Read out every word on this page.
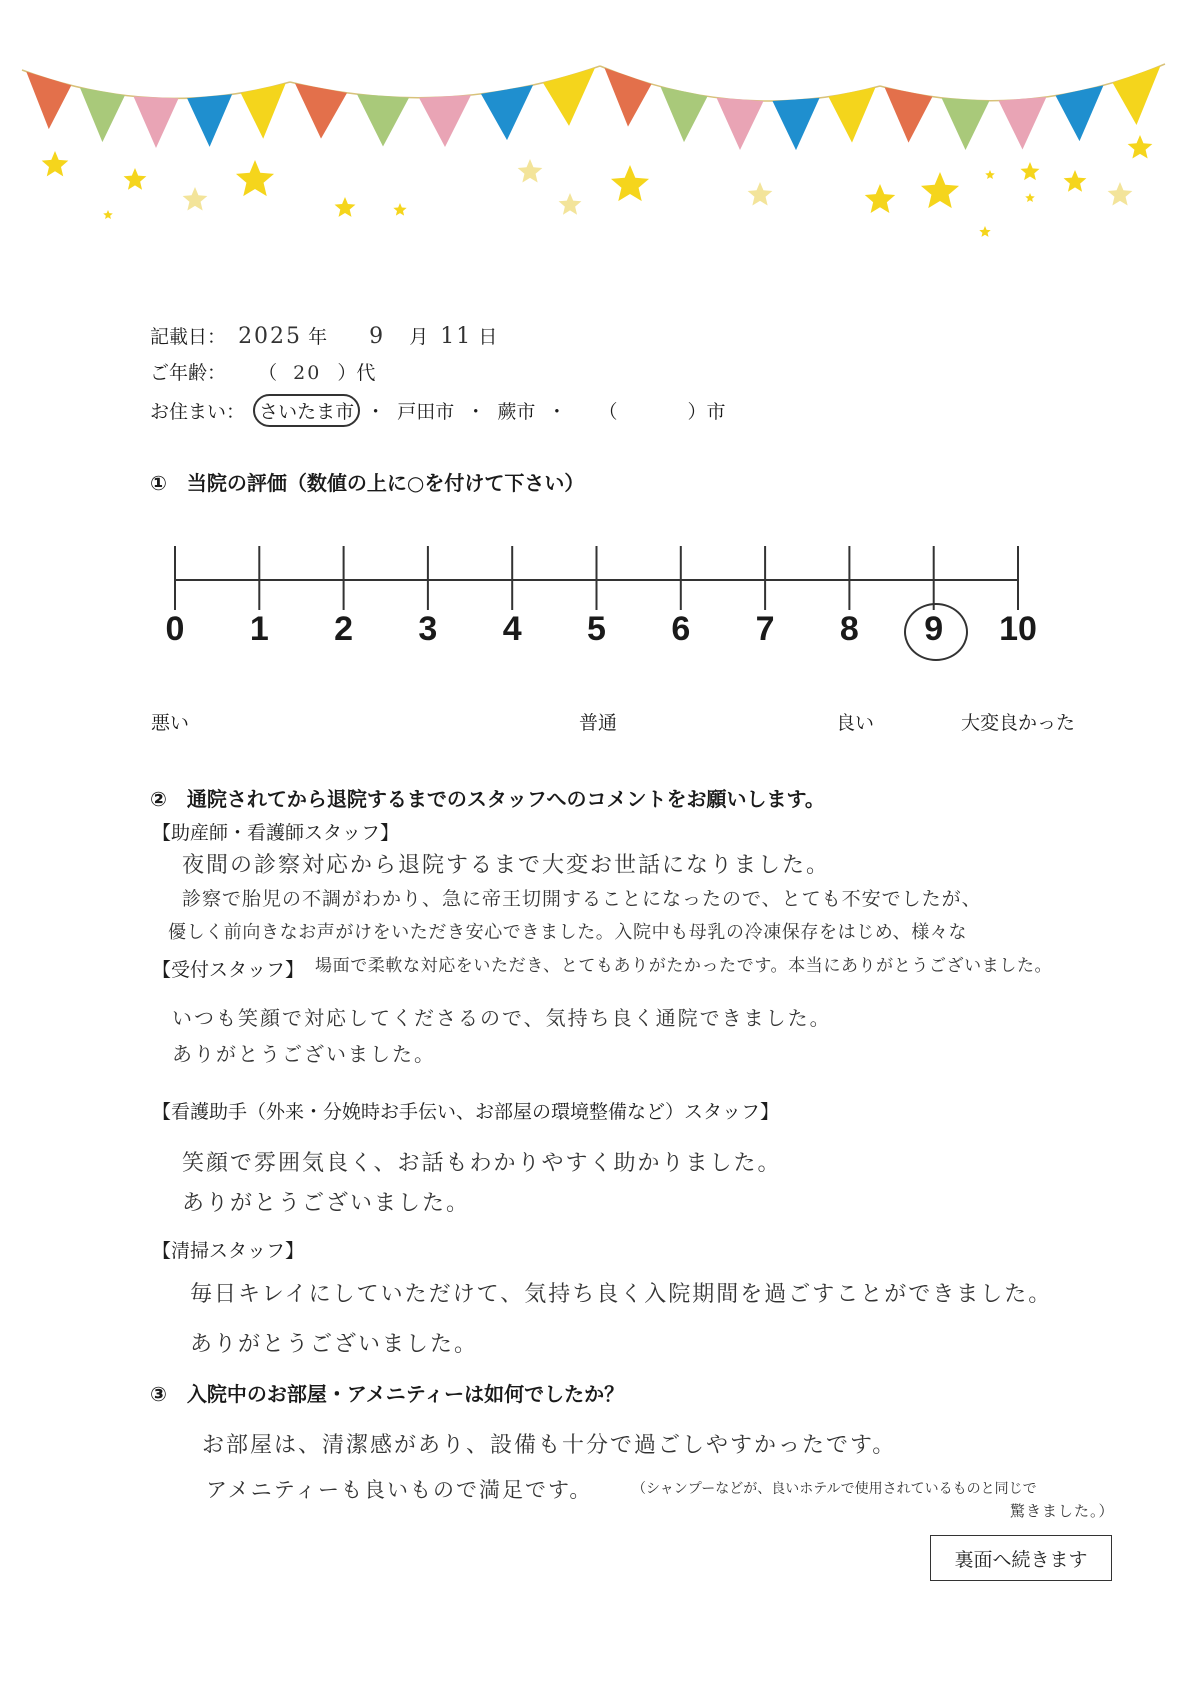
記載日： 2025 年 9 月 11 日
ご年齢： （ 20 ）代
お住まい： さいたま市 ・ 戸田市 ・ 蕨市 ・ （	）市
①　当院の評価（数値の上に○を付けて下さい）
0 1 2 3 4 5 6 7 8 9 10
悪い	普通	良い	大変良かった
②　通院されてから退院するまでのスタッフへのコメントをお願いします。
【助産師・看護師スタッフ】
夜間の診察対応から退院するまで大変お世話になりました。
診察で胎児の不調がわかり、急に帝王切開することになったので、とても不安でしたが、
優しく前向きなお声がけをいただき安心できました。入院中も母乳の冷凍保存をはじめ、様々な
【受付スタッフ】 場面で柔軟な対応をいただき、とてもありがたかったです。本当にありがとうございました。
いつも笑顔で対応してくださるので、気持ち良く通院できました。
ありがとうございました。
【看護助手（外来・分娩時お手伝い、お部屋の環境整備など）スタッフ】
笑顔で雰囲気良く、お話もわかりやすく助かりました。
ありがとうございました。
【清掃スタッフ】
毎日キレイにしていただけて、気持ち良く入院期間を過ごすことができました。
ありがとうございました。
③　入院中のお部屋・アメニティーは如何でしたか？
お部屋は、清潔感があり、設備も十分で過ごしやすかったです。
アメニティーも良いもので満足です。	（シャンプーなどが、良いホテルで使用されているものと同じで
驚きました。）
裏面へ続きます
